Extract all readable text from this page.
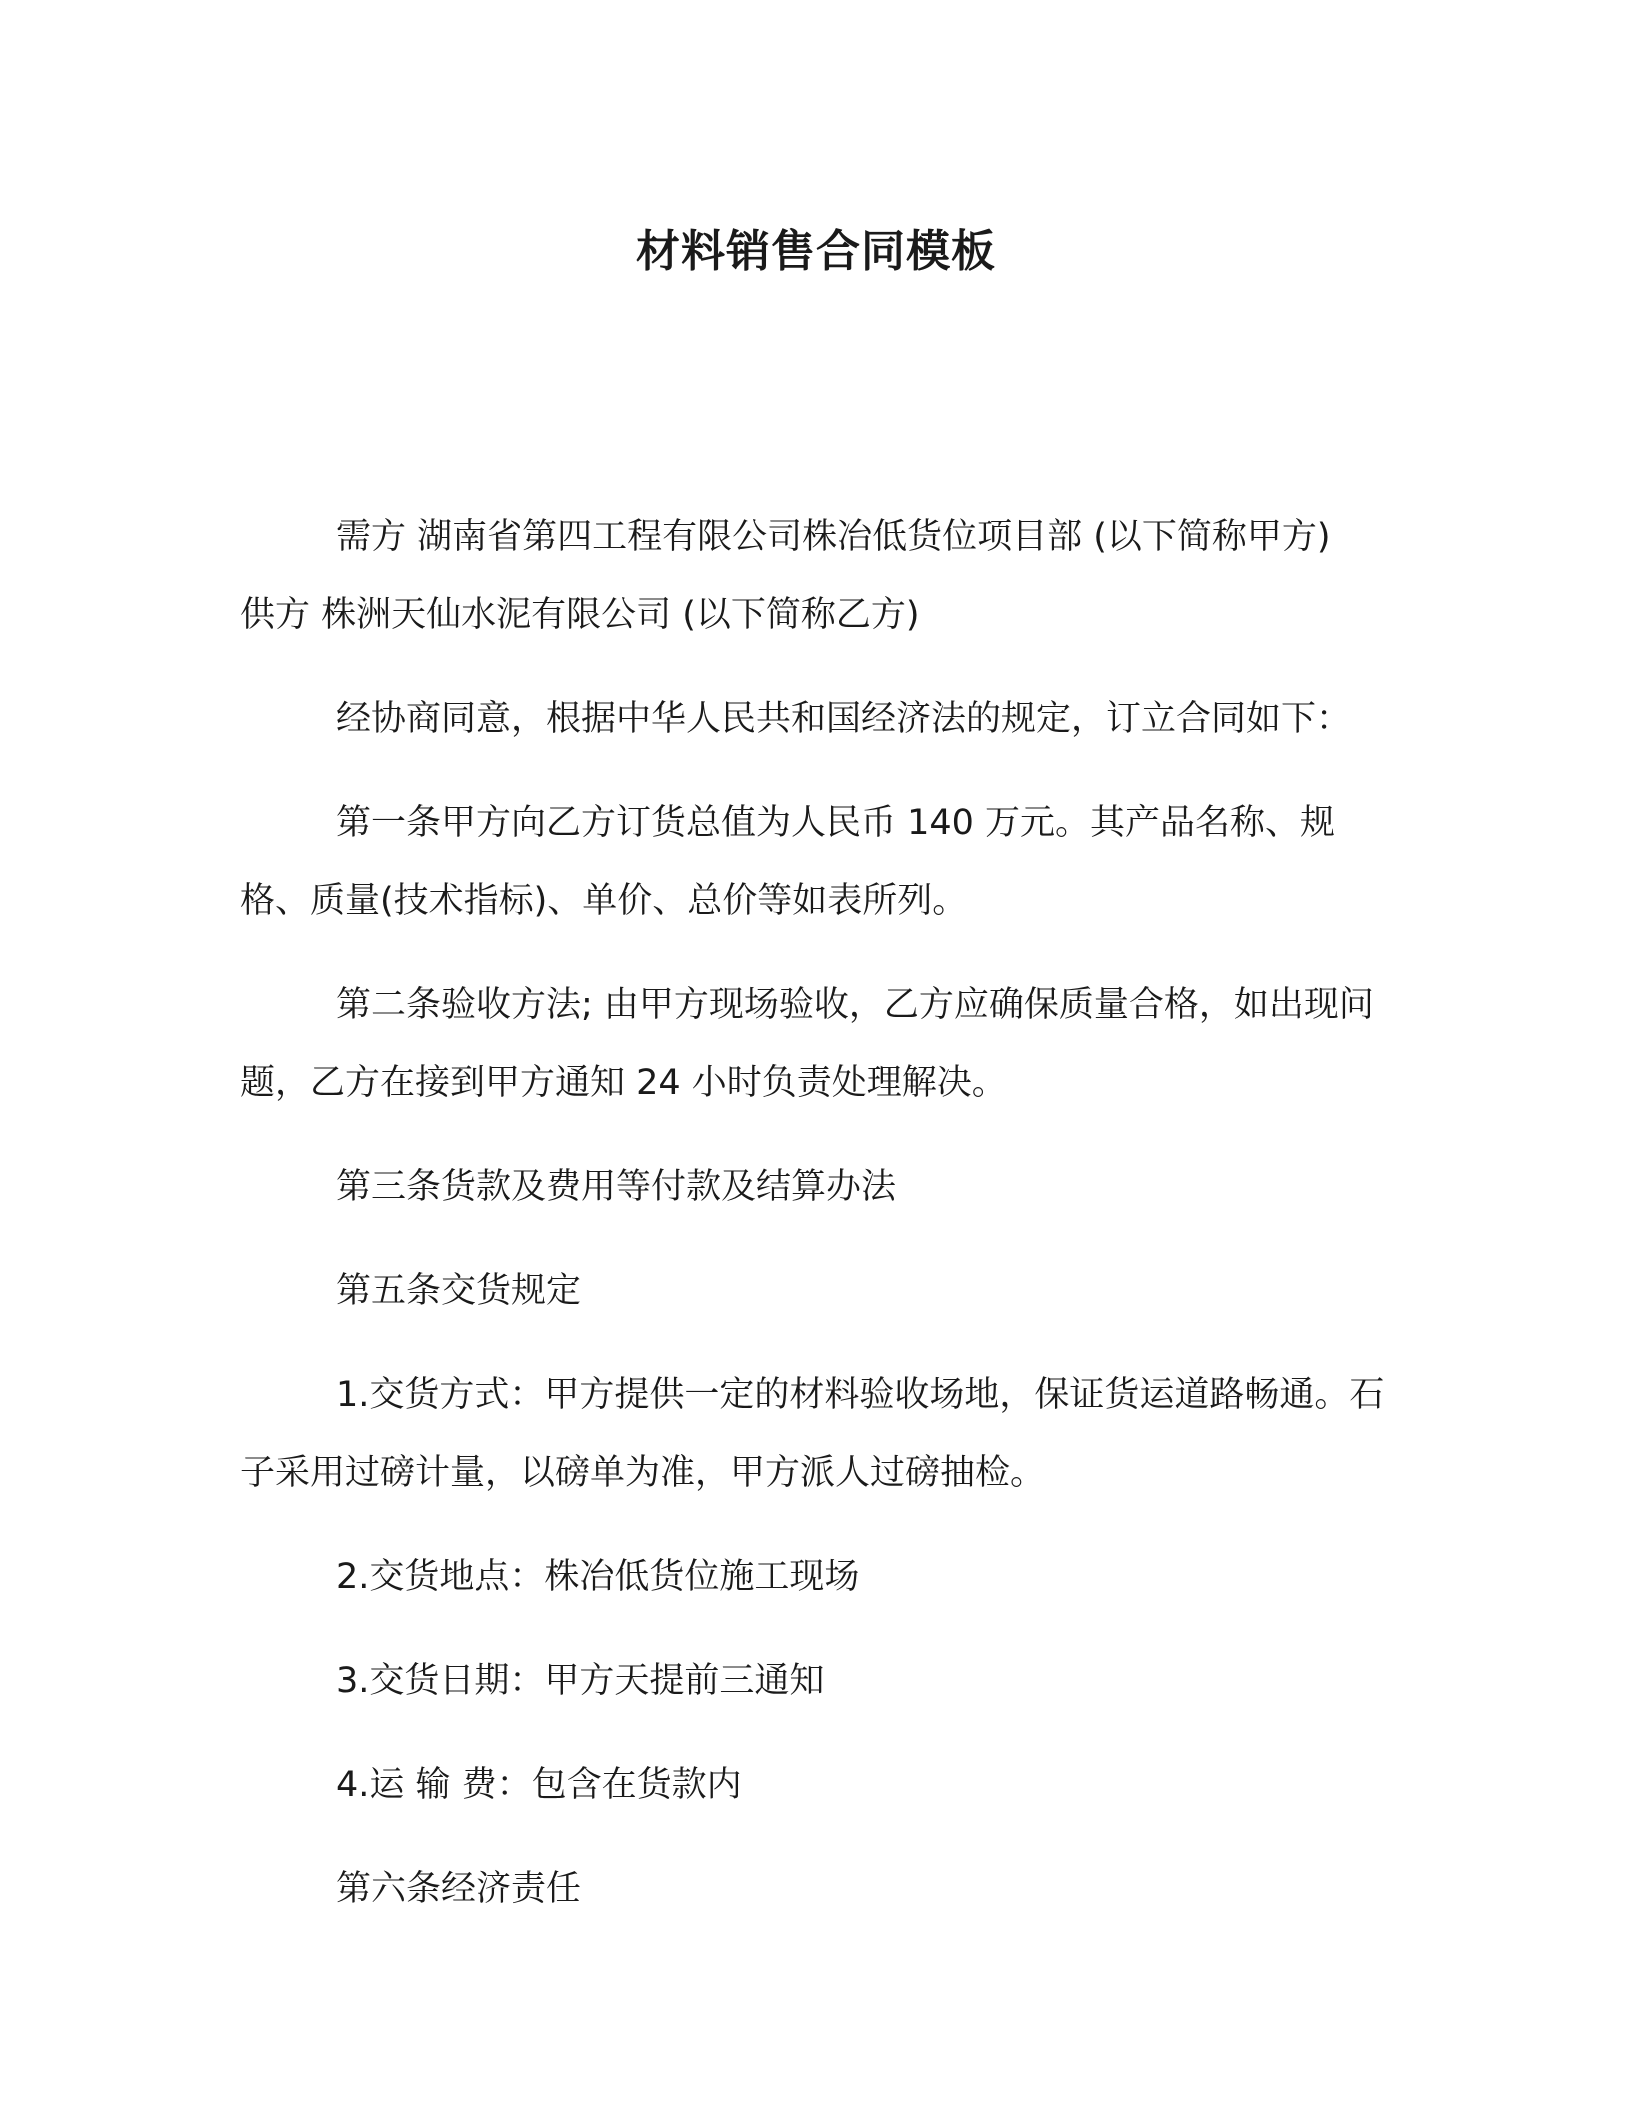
材料销售合同模板

需方 湖南省第四工程有限公司株冶低货位项目部 (以下简称甲方)

供方 株洲天仙水泥有限公司 (以下简称乙方)

经协商同意，根据中华人民共和国经济法的规定，订立合同如下：

第一条甲方向乙方订货总值为人民币 140 万元。其产品名称、规格、质量(技术指标)、单价、总价等如表所列。

第二条验收方法; 由甲方现场验收，乙方应确保质量合格，如出现问题，乙方在接到甲方通知 24 小时负责处理解决。

第三条货款及费用等付款及结算办法

第五条交货规定

1.交货方式：甲方提供一定的材料验收场地，保证货运道路畅通。石子采用过磅计量，以磅单为准，甲方派人过磅抽检。

2.交货地点：株冶低货位施工现场

3.交货日期：甲方天提前三通知

4.运 输 费：包含在货款内

第六条经济责任
